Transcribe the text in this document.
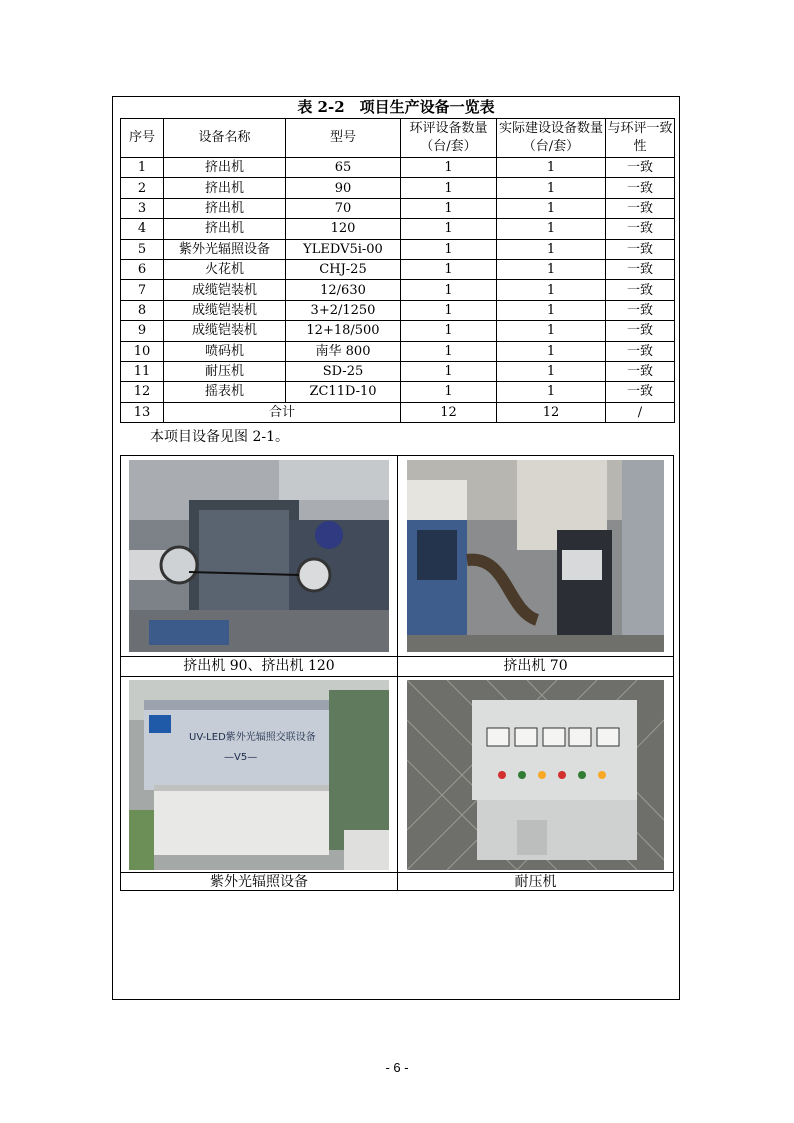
表 2-2　项目生产设备一览表
序号	设备名称	型号	环评设备数量（台/套）	实际建设设备数量（台/套）	与环评一致性
1	挤出机	65	1	1	一致
2	挤出机	90	1	1	一致
3	挤出机	70	1	1	一致
4	挤出机	120	1	1	一致
5	紫外光辐照设备	YLEDV5i-00	1	1	一致
6	火花机	CHJ-25	1	1	一致
7	成缆铠装机	12/630	1	1	一致
8	成缆铠装机	3+2/1250	1	1	一致
9	成缆铠装机	12+18/500	1	1	一致
10	喷码机	南华 800	1	1	一致
11	耐压机	SD-25	1	1	一致
12	摇表机	ZC11D-10	1	1	一致
13	合计		12	12	/
本项目设备见图 2-1。
挤出机 90、挤出机 120	挤出机 70
UV-LED紫外光辐照交联设备
—V5—
紫外光辐照设备	耐压机
- 6 -
